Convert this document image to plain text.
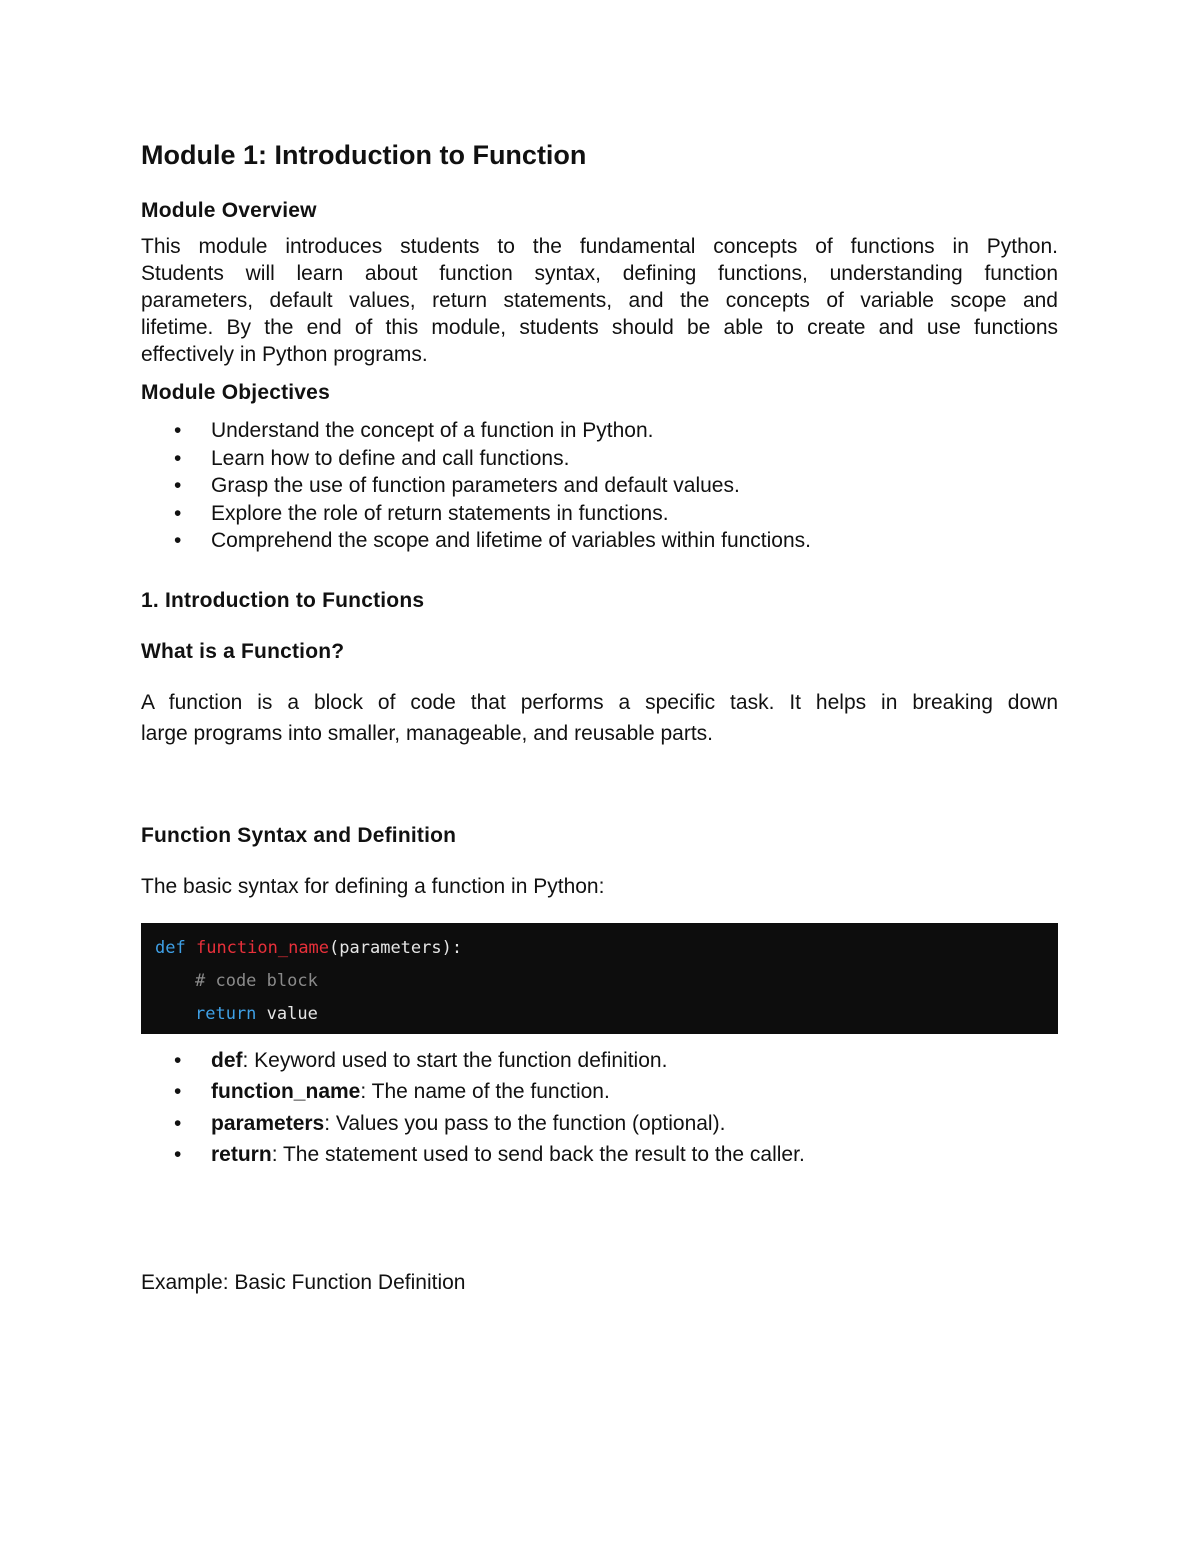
Module 1: Introduction to Function
Module Overview

This module introduces students to the fundamental concepts of functions in Python.

Students will learn about function syntax, defining functions, understanding function

parameters, default values, return statements, and the concepts of variable scope and

lifetime. By the end of this module, students should be able to create and use functions

effectively in Python programs.

Module Objectives
• Understand the concept of a function in Python.
• Learn how to define and call functions.
• Grasp the use of function parameters and default values.
• Explore the role of return statements in functions.
• Comprehend the scope and lifetime of variables within functions.
1. Introduction to Functions
What is a Function?

A function is a block of code that performs a specific task. It helps in breaking down

large programs into smaller, manageable, and reusable parts.

Function Syntax and Definition

The basic syntax for defining a function in Python:

def function_name(parameters):
# code block
return value
• def: Keyword used to start the function definition.
• function_name: The name of the function.
• parameters: Values you pass to the function (optional).
• return: The statement used to send back the result to the caller.

Example: Basic Function Definition
